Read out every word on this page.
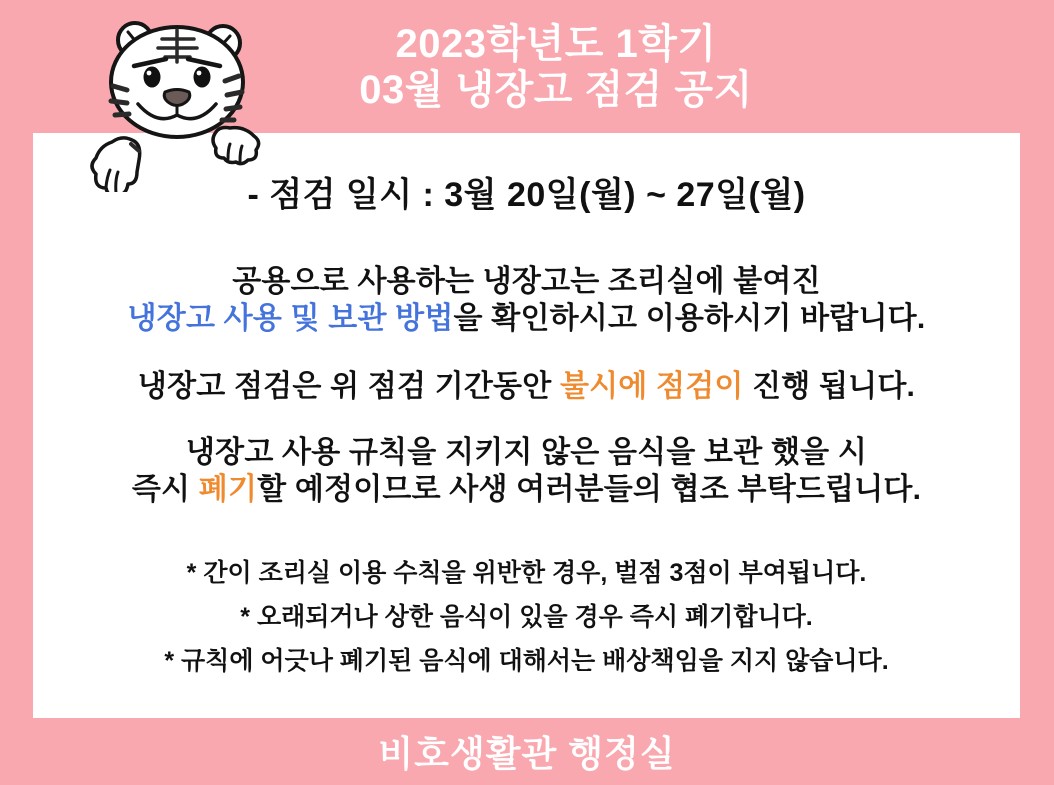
2023학년도 1학기
03월 냉장고 점검 공지

- 점검 일시 : 3월 20일(월) ~ 27일(월)

공용으로 사용하는 냉장고는 조리실에 붙여진
냉장고 사용 및 보관 방법을 확인하시고 이용하시기 바랍니다.

냉장고 점검은 위 점검 기간동안 불시에 점검이 진행 됩니다.

냉장고 사용 규칙을 지키지 않은 음식을 보관 했을 시
즉시 폐기할 예정이므로 사생 여러분들의 협조 부탁드립니다.

* 간이 조리실 이용 수칙을 위반한 경우, 벌점 3점이 부여됩니다.

* 오래되거나 상한 음식이 있을 경우 즉시 폐기합니다.

* 규칙에 어긋나 폐기된 음식에 대해서는 배상책임을 지지 않습니다.

비호생활관 행정실
